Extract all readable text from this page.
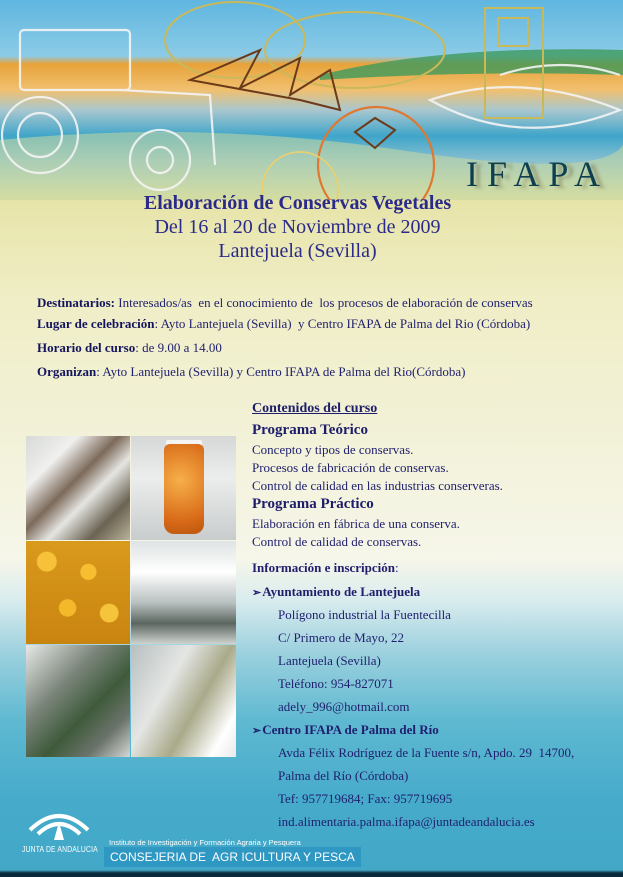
IFAPA
Elaboración de Conservas Vegetales
Del 16 al 20 de Noviembre de 2009
Lantejuela (Sevilla)
Destinatarios: Interesados/as  en el conocimiento de  los procesos de elaboración de conservas
Lugar de celebración: Ayto Lantejuela (Sevilla)  y Centro IFAPA de Palma del Rio (Córdoba)
Horario del curso: de 9.00 a 14.00
Organizan: Ayto Lantejuela (Sevilla) y Centro IFAPA de Palma del Rio(Córdoba)
Contenidos del curso
Programa Teórico
Concepto y tipos de conservas.
Procesos de fabricación de conservas.
Control de calidad en las industrias conserveras.
Programa Práctico
Elaboración en fábrica de una conserva.
Control de calidad de conservas.
Información e inscripción:
➢Ayuntamiento de Lantejuela
Polígono industrial la Fuentecilla
C/ Primero de Mayo, 22
Lantejuela (Sevilla)
Teléfono: 954-827071
adely_996@hotmail.com
➢Centro IFAPA de Palma del Río
Avda Félix Rodríguez de la Fuente s/n, Apdo. 29  14700,
Palma del Río (Córdoba)
Tef: 957719684; Fax: 957719695
ind.alimentaria.palma.ifapa@juntadeandalucia.es
JUNTA DE ANDALUCIA
Instituto de Investigación y Formación Agraria y Pesquera
CONSEJERIA DE  AGR ICULTURA Y PESCA
